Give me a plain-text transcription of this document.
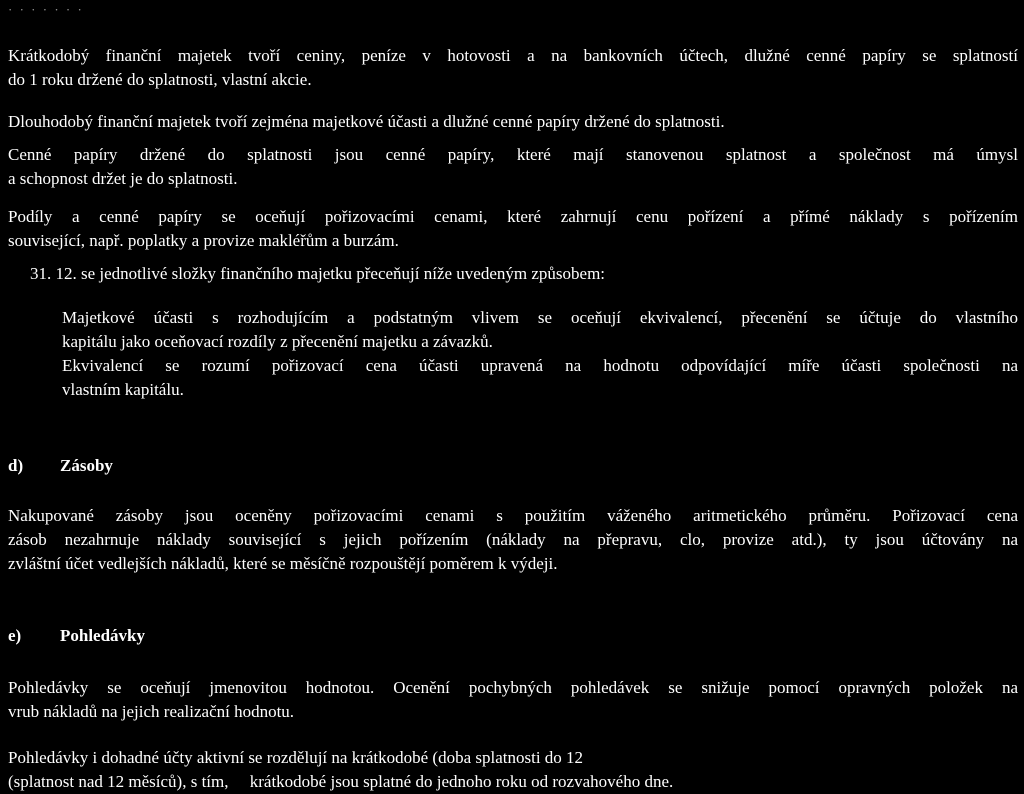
· · · · · · ·

Krátkodobý finanční majetek tvoří ceniny, peníze v hotovosti a na bankovních účtech, dlužné cenné papíry se splatností
do 1 roku držené do splatnosti, vlastní akcie.

Dlouhodobý finanční majetek tvoří zejména majetkové účasti a dlužné cenné papíry držené do splatnosti.

Cenné papíry držené do splatnosti jsou cenné papíry, které mají stanovenou splatnost a společnost má úmysl
a schopnost držet je do splatnosti.

Podíly a cenné papíry se oceňují pořizovacími cenami, které zahrnují cenu pořízení a přímé náklady s pořízením
související, např. poplatky a provize makléřům a burzám.

31. 12. se jednotlivé složky finančního majetku přeceňují níže uvedeným způsobem:

Majetkové účasti s rozhodujícím a podstatným vlivem se oceňují ekvivalencí, přecenění se účtuje do vlastního
kapitálu jako oceňovací rozdíly z přecenění majetku a závazků.
Ekvivalencí se rozumí pořizovací cena účasti upravená na hodnotu odpovídající míře účasti společnosti na
vlastním kapitálu.

d) Zásoby

Nakupované zásoby jsou oceněny pořizovacími cenami s použitím váženého aritmetického průměru. Pořizovací cena
zásob nezahrnuje náklady související s jejich pořízením (náklady na přepravu, clo, provize atd.), ty jsou účtovány na
zvláštní účet vedlejších nákladů, které se měsíčně rozpouštějí poměrem k výdeji.

e) Pohledávky

Pohledávky se oceňují jmenovitou hodnotou. Ocenění pochybných pohledávek se snižuje pomocí opravných položek na
vrub nákladů na jejich realizační hodnotu.

Pohledávky i dohadné účty aktivní se rozdělují na krátkodobé (doba splatnosti do 12
(splatnost nad 12 měsíců), s tím,     krátkodobé jsou splatné do jednoho roku od rozvahového dne.
